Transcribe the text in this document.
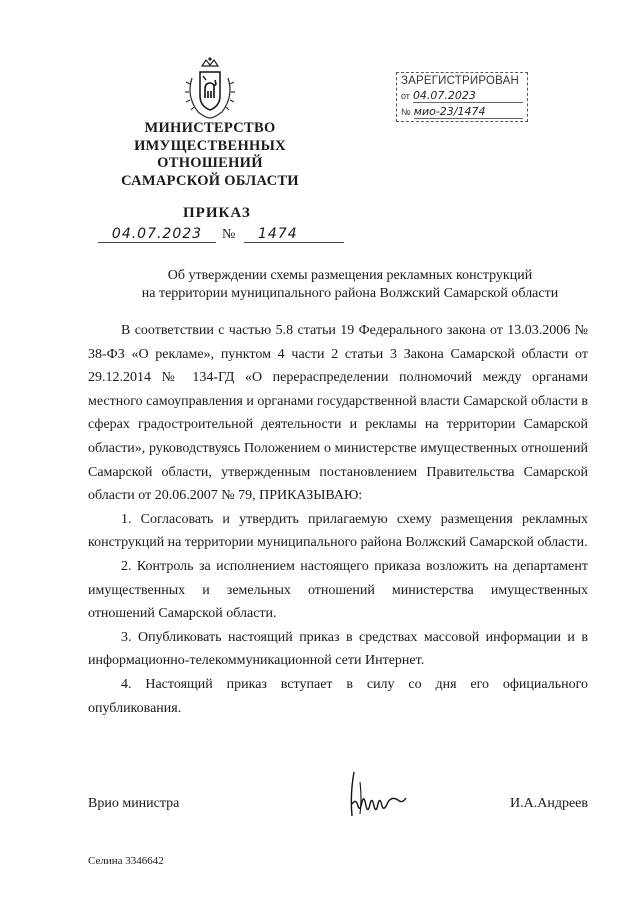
МИНИСТЕРСТВО
ИМУЩЕСТВЕННЫХ
ОТНОШЕНИЙ
САМАРСКОЙ ОБЛАСТИ
ЗАРЕГИСТРИРОВАН
от 04.07.2023
№ мио-23/1474
ПРИКАЗ
04.07.2023	№	1474
Об утверждении схемы размещения рекламных конструкций
на территории муниципального района Волжский Самарской области

В соответствии с частью 5.8 статьи 19 Федерального закона от 13.03.2006 № 38-ФЗ «О рекламе», пунктом 4 части 2 статьи 3 Закона Самарской области от 29.12.2014 № 134-ГД «О перераспределении полномочий между органами местного самоуправления и органами государственной власти Самарской области в сферах градостроительной деятельности и рекламы на территории Самарской области», руководствуясь Положением о министерстве имущественных отношений Самарской области, утвержденным постановлением Правительства Самарской области от 20.06.2007 № 79, ПРИКАЗЫВАЮ:

1. Согласовать и утвердить прилагаемую схему размещения рекламных конструкций на территории муниципального района Волжский Самарской области.

2. Контроль за исполнением настоящего приказа возложить на департамент имущественных и земельных отношений министерства имущественных отношений Самарской области.

3. Опубликовать настоящий приказ в средствах массовой информации и в информационно-телекоммуникационной сети Интернет.

4. Настоящий приказ вступает в силу со дня его официального опубликования.

Врио министра	И.А.Андреев
Селина 3346642
